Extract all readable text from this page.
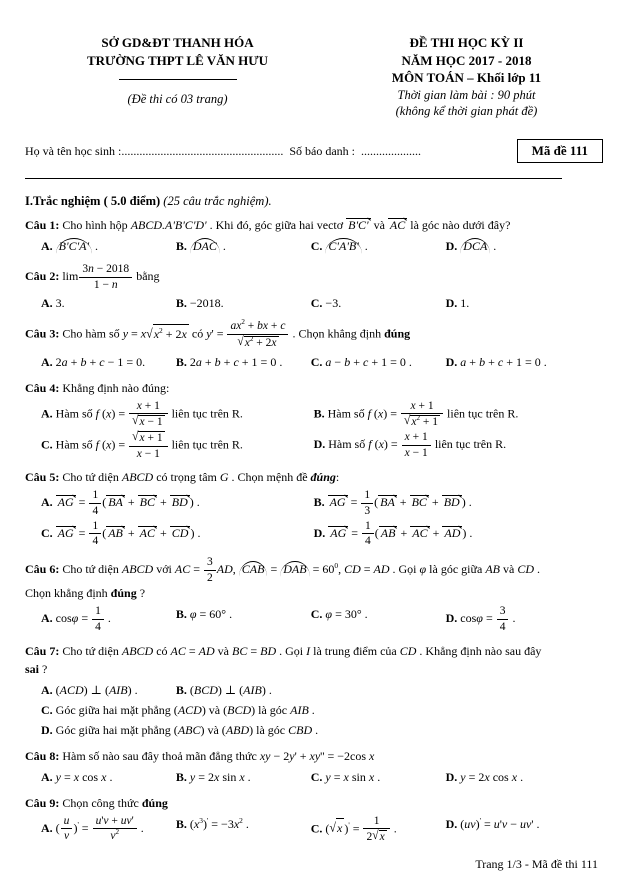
SỞ GD&ĐT THANH HÓA
TRƯỜNG THPT LÊ VĂN HƯU
(Đề thi có 03 trang)
ĐỀ THI HỌC KỲ II
NĂM HỌC 2017 - 2018
MÔN TOÁN – Khối lớp 11
Thời gian làm bài : 90 phút
(không kể thời gian phát đề)
Họ và tên học sinh : ...................................................... Số báo danh : ....................	Mã đề 111
I.Trắc nghiệm ( 5.0 điểm) (25 câu trắc nghiệm).
Câu 1: Cho hình hộp ABCD.A'B'C'D' . Khi đó, góc giữa hai vectơ B'C' và AC là góc nào dưới đây?
A. B'C'A' .	B. DAC .	C. C'A'B' .	D. DCA .
Câu 2: $\lim \frac{3n - 2018}{1 - n}$ bằng
A. 3.	B. −2018.	C. −3.	D. 1.
Câu 3: Cho hàm số $y = x√x^2 + 2x$ có $y' = \frac{ax^2 + bx + c}{√x^2 + 2x}$ . Chọn khẳng định đúng
A. 2a + b + c − 1 = 0.	B. 2a + b + c + 1 = 0 .	C. a − b + c + 1 = 0 .	D. a + b + c + 1 = 0 .
Câu 4: Khẳng định nào đúng:
A. Hàm số f $(x) = \frac{x + 1}{√x - 1}$ liên tục trên R.	B. Hàm số f $(x) = \frac{x + 1}{√x^2 + 1}$ liên tục trên R.
C. Hàm số f $(x) = \frac{√x + 1}{x - 1}$ liên tục trên R.	D. Hàm số f $(x) = \frac{x + 1}{x - 1}$ liên tục trên R.
Câu 5: Cho tứ diện ABCD có trọng tâm G . Chọn mệnh đề đúng:
A. AG = $\frac{1}{4}$ ( BA + BC + BD ) .	B. AG = $\frac{1}{3}$ ( BA + BC + BD ) .
C. AG = $\frac{1}{4}$ ( AB + AC + CD ) .	D. AG = $\frac{1}{4}$ ( AB + AC + AD ) .
Câu 6: Cho tứ diện ABCD với AC = $\frac{3}{2}$ AD, CAB = DAB = $60^0$, CD = AD . Gọi φ là góc giữa AB và CD .
Chọn khẳng định đúng ?
A. $\cos\varphi = \frac{1}{4}$ .	B. φ = 60° .	C. φ = 30° .	D. $\cos\varphi = \frac{3}{4}$ .
Câu 7: Cho tứ diện ABCD có AC = AD và BC = BD . Gọi I là trung điểm của CD . Khẳng định nào sau đây
sai ?
A. (ACD) ⊥ (AIB) .	B. (BCD) ⊥ (AIB) .
C. Góc giữa hai mặt phẳng (ACD) và (BCD) là góc AIB .
D. Góc giữa hai mặt phẳng (ABC) và (ABD) là góc CBD .
Câu 8: Hàm số nào sau đây thoả mãn đẳng thức xy − 2y' + xy'' = −2cos x
A. y = x cos x .	B. y = 2x sin x .	C. y = x sin x .	D. y = 2x cos x .
Câu 9: Chọn công thức đúng
A. ( $\frac{u}{v} )' = \frac{u'v + uv'}{v^2}$ .	B. $(x^3)' = -3x^2$ .	C. (√x )$' = \frac{1}{2√x}$ .	D. (uv)' = u'v − uv' .
Trang 1/3 - Mã đề thi 111
